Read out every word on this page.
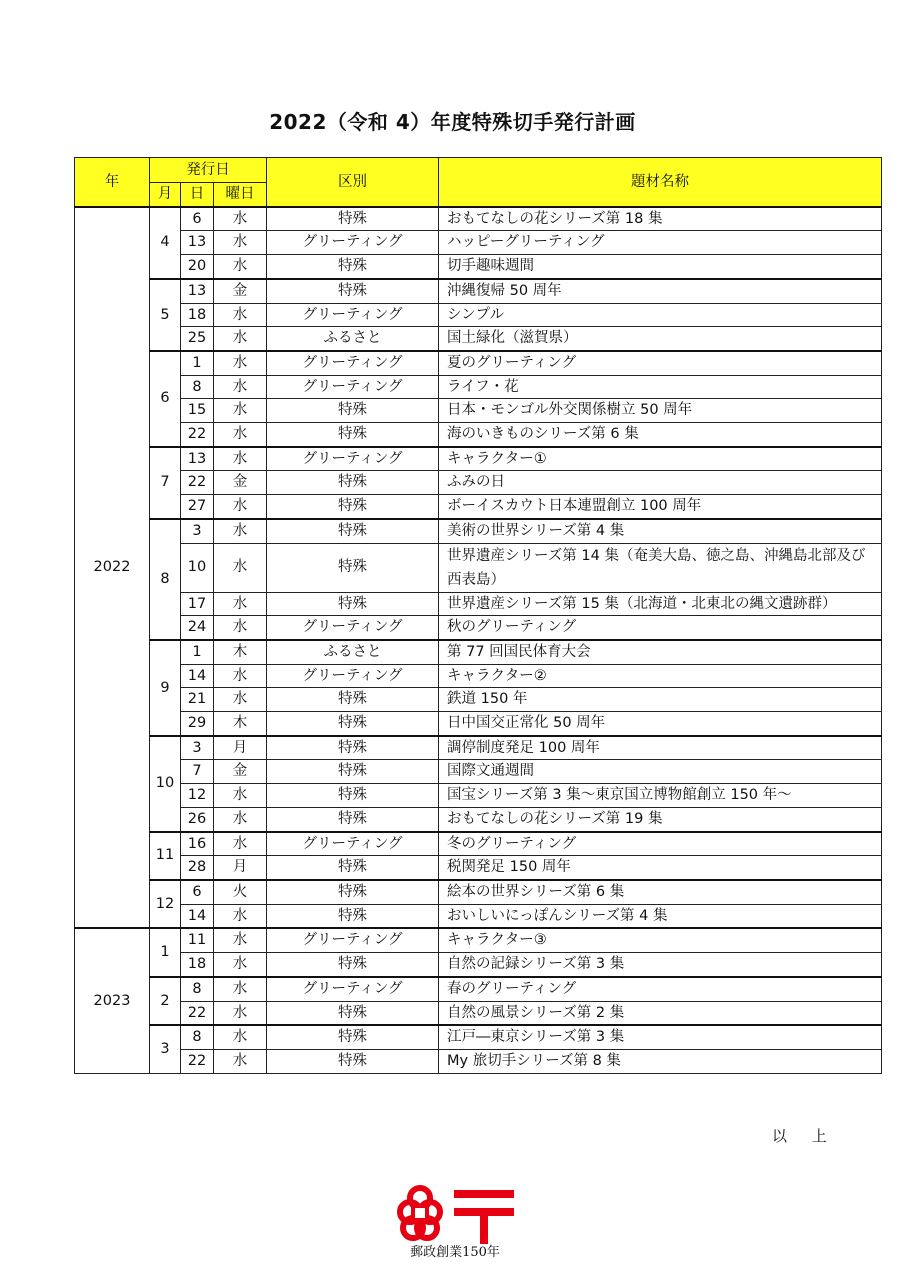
2022（令和 4）年度特殊切手発行計画
年	発行日			区別	題材名称
	月	日	曜日		
2022	4	6	水	特殊	おもてなしの花シリーズ第 18 集
		13	水	グリーティング	ハッピーグリーティング
		20	水	特殊	切手趣味週間
	5	13	金	特殊	沖縄復帰 50 周年
		18	水	グリーティング	シンプル
		25	水	ふるさと	国土緑化（滋賀県）
	6	1	水	グリーティング	夏のグリーティング
		8	水	グリーティング	ライフ・花
		15	水	特殊	日本・モンゴル外交関係樹立 50 周年
		22	水	特殊	海のいきものシリーズ第 6 集
	7	13	水	グリーティング	キャラクター①
		22	金	特殊	ふみの日
		27	水	特殊	ボーイスカウト日本連盟創立 100 周年
	8	3	水	特殊	美術の世界シリーズ第 4 集
		10	水	特殊	世界遺産シリーズ第 14 集（奄美大島、徳之島、沖縄島北部及び西表島）
		17	水	特殊	世界遺産シリーズ第 15 集（北海道・北東北の縄文遺跡群）
		24	水	グリーティング	秋のグリーティング
	9	1	木	ふるさと	第 77 回国民体育大会
		14	水	グリーティング	キャラクター②
		21	水	特殊	鉄道 150 年
		29	木	特殊	日中国交正常化 50 周年
	10	3	月	特殊	調停制度発足 100 周年
		7	金	特殊	国際文通週間
		12	水	特殊	国宝シリーズ第 3 集～東京国立博物館創立 150 年～
		26	水	特殊	おもてなしの花シリーズ第 19 集
	11	16	水	グリーティング	冬のグリーティング
		28	月	特殊	税関発足 150 周年
	12	6	火	特殊	絵本の世界シリーズ第 6 集
		14	水	特殊	おいしいにっぽんシリーズ第 4 集
2023	1	11	水	グリーティング	キャラクター③
		18	水	特殊	自然の記録シリーズ第 3 集
	2	8	水	グリーティング	春のグリーティング
		22	水	特殊	自然の風景シリーズ第 2 集
	3	8	水	特殊	江戸―東京シリーズ第 3 集
		22	水	特殊	My 旅切手シリーズ第 8 集
以 上
郵政創業150年
